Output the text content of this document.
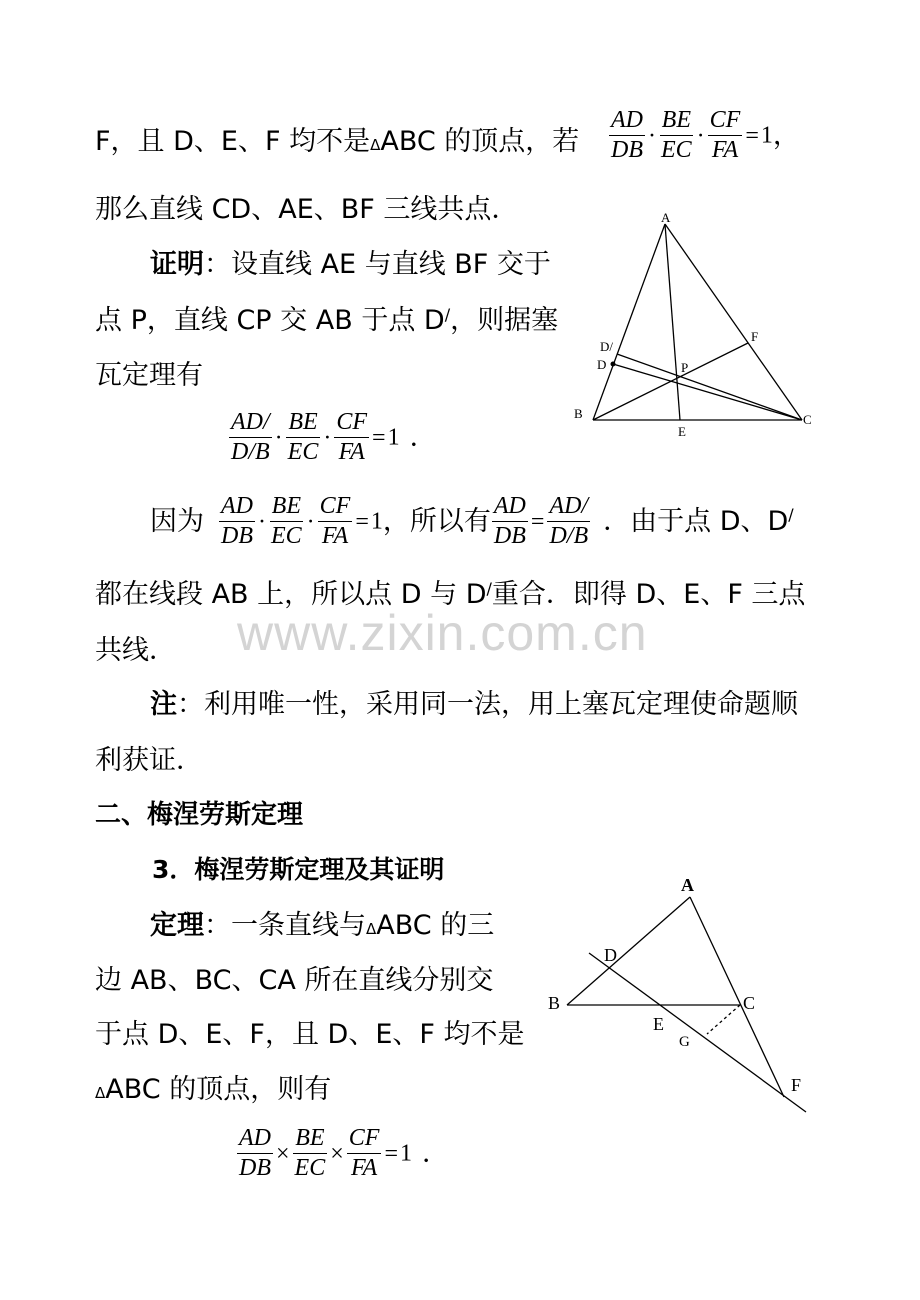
F，且 D、E、F 均不是ΔABC 的顶点，若 $\frac{AD}{DB} \cdot \frac{BE}{EC} \cdot \frac{CF}{FA} =1$，
那么直线 CD、AE、BF 三线共点．
证明：设直线 AE 与直线 BF 交于
点 P，直线 CP 交 AB 于点 D/，则据塞
瓦定理有
$\frac{AD/}{D/B} \cdot \frac{BE}{EC} \cdot \frac{CF}{FA} =1$ ．
因为 $\frac{AD}{DB} \cdot \frac{BE}{EC} \cdot \frac{CF}{FA} =1$，所以有 $\frac{AD}{DB} = \frac{AD/}{D/B}$ ．由于点 D、D/
都在线段 AB 上，所以点 D 与 D/重合．即得 D、E、F 三点
共线． www.zixin.com.cn
注：利用唯一性，采用同一法，用上塞瓦定理使命题顺
利获证．
二、梅涅劳斯定理
3．梅涅劳斯定理及其证明
定理：一条直线与ΔABC 的三
边 AB、BC、CA 所在直线分别交
于点 D、E、F，且 D、E、F 均不是
ΔABC 的顶点，则有
$\frac{AD}{DB} \times \frac{BE}{EC} \times \frac{CF}{FA} =1$ ．
A
B	C
D/
D
E
F
P
A
B	C
D
E
G
F
